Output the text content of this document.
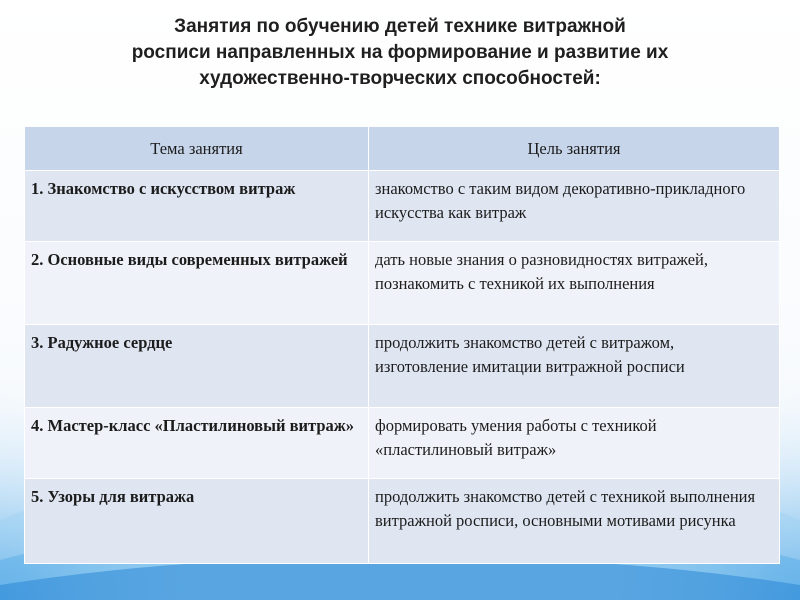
Занятия по обучению детей технике витражной
росписи направленных на формирование и развитие их
художественно-творческих способностей:
Тема занятия	Цель занятия
1. Знакомство с искусством витраж	знакомство с таким видом декоративно-прикладного искусства как витраж
2. Основные виды современных витражей	дать новые знания о разновидностях витражей, познакомить с техникой их выполнения
3. Радужное сердце	продолжить знакомство детей с витражом, изготовление имитации витражной росписи
4. Мастер-класс «Пластилиновый витраж»	формировать умения работы с техникой «пластилиновый витраж»
5. Узоры для витража	продолжить знакомство детей с техникой выполнения витражной росписи, основными мотивами рисунка
